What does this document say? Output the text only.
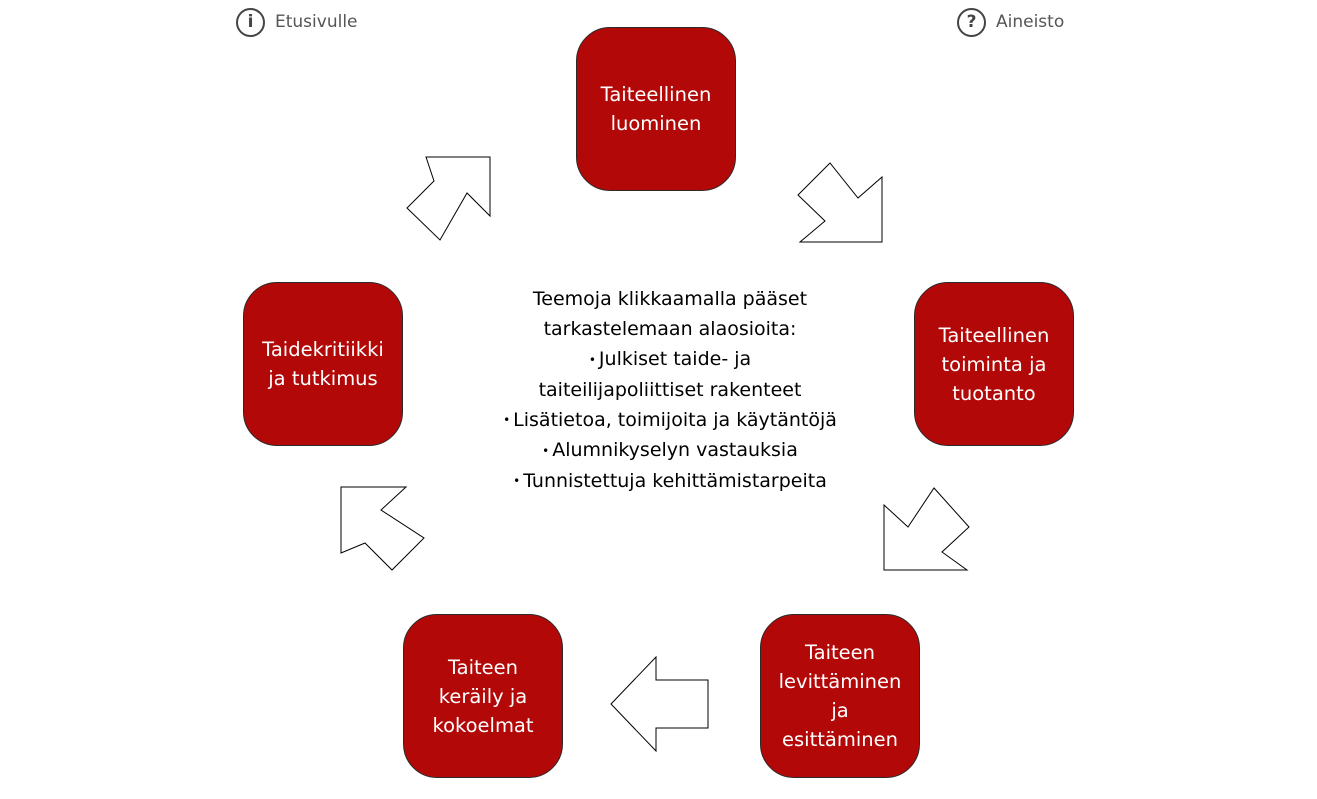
i	Etusivulle	?	Aineisto
Taiteellinen
luominen
Taiteellinen
toiminta ja
tuotanto
Taiteen
levittäminen
ja
esittäminen
Taiteen
keräily ja
kokoelmat
Taidekritiikki
ja tutkimus
Teemoja klikkaamalla pääset
tarkastelemaan alaosioita:
• Julkiset taide- ja
taiteilijapoliittiset rakenteet
• Lisätietoa, toimijoita ja käytäntöjä
• Alumnikyselyn vastauksia
• Tunnistettuja kehittämistarpeita
